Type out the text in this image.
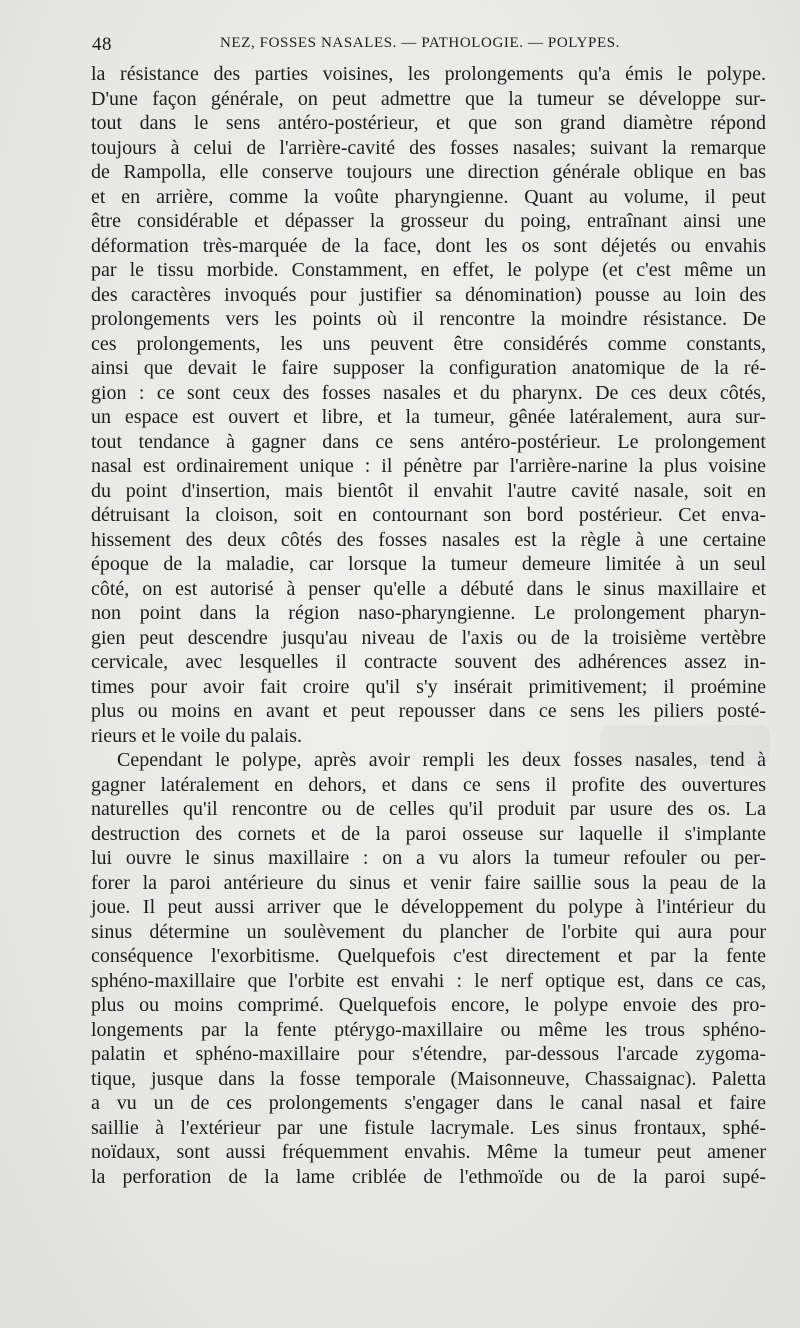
48	NEZ, FOSSES NASALES. — PATHOLOGIE. — POLYPES.
la résistance des parties voisines, les prolongements qu'a émis le polype.
D'une façon générale, on peut admettre que la tumeur se développe sur-
tout dans le sens antéro-postérieur, et que son grand diamètre répond
toujours à celui de l'arrière-cavité des fosses nasales; suivant la remarque
de Rampolla, elle conserve toujours une direction générale oblique en bas
et en arrière, comme la voûte pharyngienne. Quant au volume, il peut
être considérable et dépasser la grosseur du poing, entraînant ainsi une
déformation très-marquée de la face, dont les os sont déjetés ou envahis
par le tissu morbide. Constamment, en effet, le polype (et c'est même un
des caractères invoqués pour justifier sa dénomination) pousse au loin des
prolongements vers les points où il rencontre la moindre résistance. De
ces prolongements, les uns peuvent être considérés comme constants,
ainsi que devait le faire supposer la configuration anatomique de la ré-
gion : ce sont ceux des fosses nasales et du pharynx. De ces deux côtés,
un espace est ouvert et libre, et la tumeur, gênée latéralement, aura sur-
tout tendance à gagner dans ce sens antéro-postérieur. Le prolongement
nasal est ordinairement unique : il pénètre par l'arrière-narine la plus voisine
du point d'insertion, mais bientôt il envahit l'autre cavité nasale, soit en
détruisant la cloison, soit en contournant son bord postérieur. Cet enva-
hissement des deux côtés des fosses nasales est la règle à une certaine
époque de la maladie, car lorsque la tumeur demeure limitée à un seul
côté, on est autorisé à penser qu'elle a débuté dans le sinus maxillaire et
non point dans la région naso-pharyngienne. Le prolongement pharyn-
gien peut descendre jusqu'au niveau de l'axis ou de la troisième vertèbre
cervicale, avec lesquelles il contracte souvent des adhérences assez in-
times pour avoir fait croire qu'il s'y insérait primitivement; il proémine
plus ou moins en avant et peut repousser dans ce sens les piliers posté-
rieurs et le voile du palais.
Cependant le polype, après avoir rempli les deux fosses nasales, tend à
gagner latéralement en dehors, et dans ce sens il profite des ouvertures
naturelles qu'il rencontre ou de celles qu'il produit par usure des os. La
destruction des cornets et de la paroi osseuse sur laquelle il s'implante
lui ouvre le sinus maxillaire : on a vu alors la tumeur refouler ou per-
forer la paroi antérieure du sinus et venir faire saillie sous la peau de la
joue. Il peut aussi arriver que le développement du polype à l'intérieur du
sinus détermine un soulèvement du plancher de l'orbite qui aura pour
conséquence l'exorbitisme. Quelquefois c'est directement et par la fente
sphéno-maxillaire que l'orbite est envahi : le nerf optique est, dans ce cas,
plus ou moins comprimé. Quelquefois encore, le polype envoie des pro-
longements par la fente ptérygo-maxillaire ou même les trous sphéno-
palatin et sphéno-maxillaire pour s'étendre, par-dessous l'arcade zygoma-
tique, jusque dans la fosse temporale (Maisonneuve, Chassaignac). Paletta
a vu un de ces prolongements s'engager dans le canal nasal et faire
saillie à l'extérieur par une fistule lacrymale. Les sinus frontaux, sphé-
noïdaux, sont aussi fréquemment envahis. Même la tumeur peut amener
la perforation de la lame criblée de l'ethmoïde ou de la paroi supé-
